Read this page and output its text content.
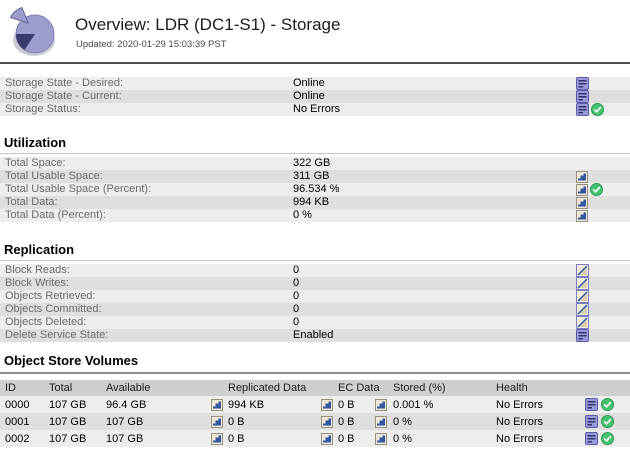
Overview: LDR (DC1-S1) - Storage
Updated: 2020-01-29 15:03:39 PST
Storage State - Desired:	Online
Storage State - Current:	Online
Storage Status:	No Errors
Utilization
Total Space:	322 GB
Total Usable Space:	311 GB
Total Usable Space (Percent):	96.534 %
Total Data:	994 KB
Total Data (Percent):	0 %
Replication
Block Reads:	0
Block Writes:	0
Objects Retrieved:	0
Objects Committed:	0
Objects Deleted:	0
Delete Service State:	Enabled
Object Store Volumes
ID	Total	Available	Replicated Data	EC Data	Stored (%)	Health
0000	107 GB	96.4 GB	994 KB	0 B	0.001 %	No Errors

0001	107 GB	107 GB	0 B	0 B	0 %	No Errors

0002	107 GB	107 GB	0 B	0 B	0 %	No Errors
